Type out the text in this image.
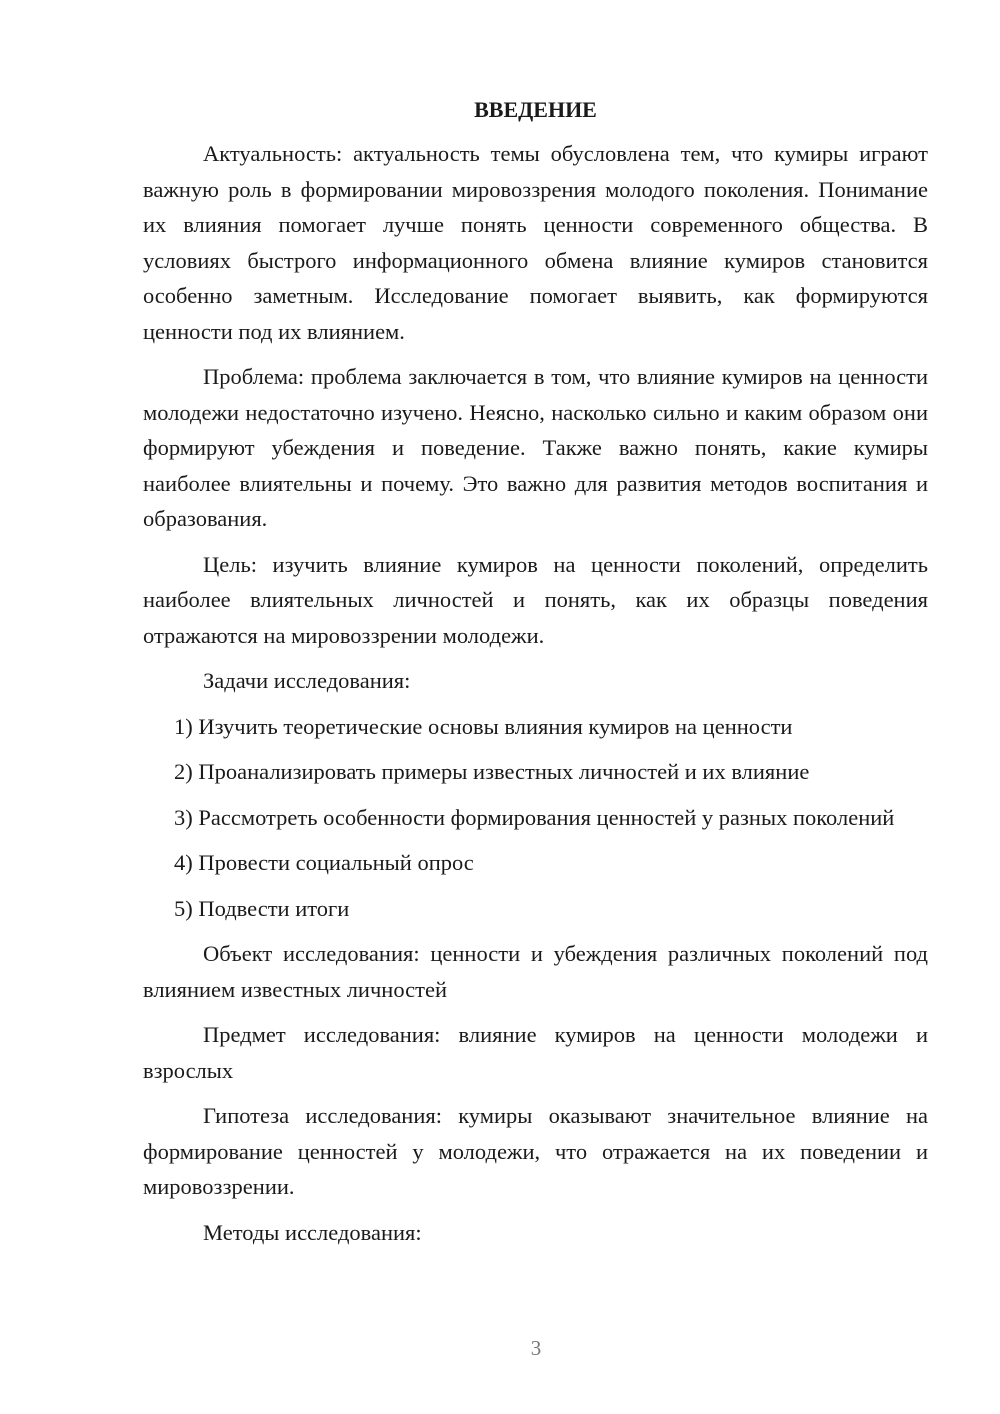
ВВЕДЕНИЕ

Актуальность: актуальность темы обусловлена тем, что кумиры играют важную роль в формировании мировоззрения молодого поколения. Понимание их влияния помогает лучше понять ценности современного общества. В условиях быстрого информационного обмена влияние кумиров становится особенно заметным. Исследование помогает выявить, как формируются ценности под их влиянием.

Проблема: проблема заключается в том, что влияние кумиров на ценности молодежи недостаточно изучено. Неясно, насколько сильно и каким образом они формируют убеждения и поведение. Также важно понять, какие кумиры наиболее влиятельны и почему. Это важно для развития методов воспитания и образования.

Цель: изучить влияние кумиров на ценности поколений, определить наиболее влиятельных личностей и понять, как их образцы поведения отражаются на мировоззрении молодежи.

Задачи исследования:

1) Изучить теоретические основы влияния кумиров на ценности

2) Проанализировать примеры известных личностей и их влияние

3) Рассмотреть особенности формирования ценностей у разных поколений

4) Провести социальный опрос

5) Подвести итоги

Объект исследования: ценности и убеждения различных поколений под влиянием известных личностей

Предмет исследования: влияние кумиров на ценности молодежи и взрослых

Гипотеза исследования: кумиры оказывают значительное влияние на формирование ценностей у молодежи, что отражается на их поведении и мировоззрении.

Методы исследования:

3
